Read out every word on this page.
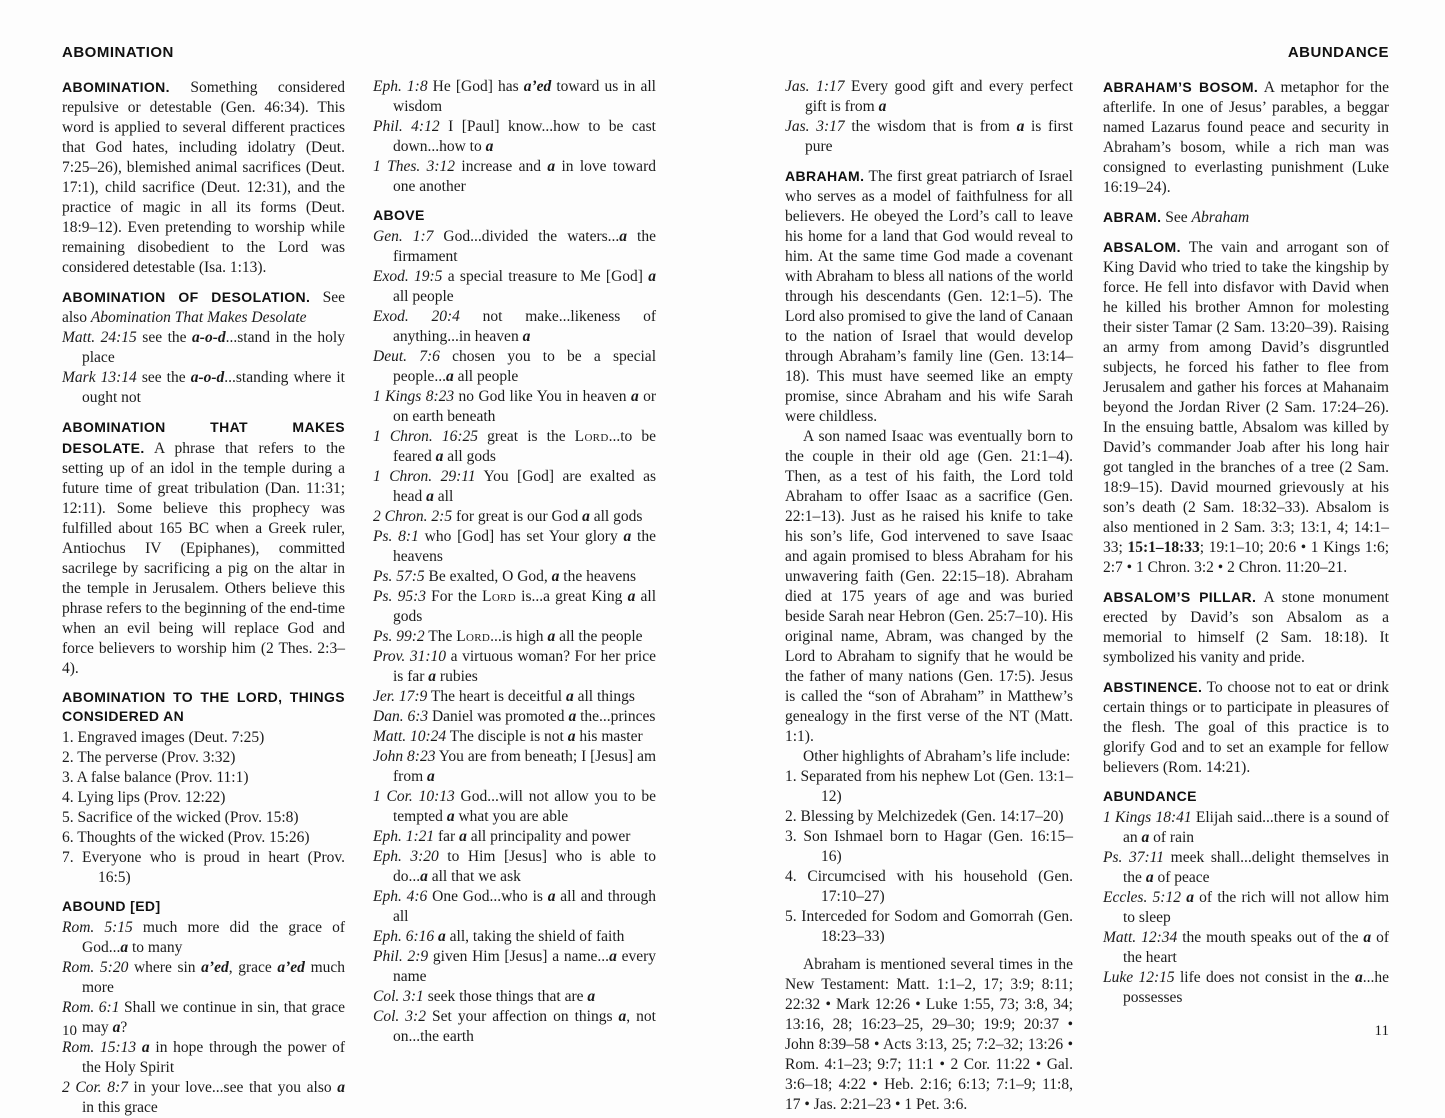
ABOMINATION

ABOMINATION. Something considered repulsive or detestable (Gen. 46:34). This word is applied to several different practices that God hates, including idolatry (Deut. 7:25–26), blemished animal sacrifices (Deut. 17:1), child sacrifice (Deut. 12:31), and the practice of magic in all its forms (Deut. 18:9–12). Even pretending to worship while remaining disobedient to the Lord was considered detestable (Isa. 1:13).

ABOMINATION OF DESOLATION. See also Abomination That Makes Desolate

Matt. 24:15 see the a-o-d...stand in the holy place

Mark 13:14 see the a-o-d...standing where it ought not

ABOMINATION THAT MAKES DESOLATE. A phrase that refers to the setting up of an idol in the temple during a future time of great tribulation (Dan. 11:31; 12:11). Some believe this prophecy was fulfilled about 165 BC when a Greek ruler, Antiochus IV (Epiphanes), committed sacrilege by sacrificing a pig on the altar in the temple in Jerusalem. Others believe this phrase refers to the beginning of the end-time when an evil being will replace God and force believers to worship him (2 Thes. 2:3–4).

ABOMINATION TO THE LORD, THINGS CONSIDERED AN

1. Engraved images (Deut. 7:25)

2. The perverse (Prov. 3:32)

3. A false balance (Prov. 11:1)

4. Lying lips (Prov. 12:22)

5. Sacrifice of the wicked (Prov. 15:8)

6. Thoughts of the wicked (Prov. 15:26)

7. Everyone who is proud in heart (Prov. 16:5)

ABOUND [ED]

Rom. 5:15 much more did the grace of God...a to many

Rom. 5:20 where sin a’ed, grace a’ed much more

Rom. 6:1 Shall we continue in sin, that grace may a?

Rom. 15:13 a in hope through the power of the Holy Spirit

2 Cor. 8:7 in your love...see that you also a in this grace

Eph. 1:8 He [God] has a’ed toward us in all wisdom

Phil. 4:12 I [Paul] know...how to be cast down...how to a

1 Thes. 3:12 increase and a in love toward one another

ABOVE

Gen. 1:7 God...divided the waters...a the firmament

Exod. 19:5 a special treasure to Me [God] a all people

Exod. 20:4 not make...likeness of anything...in heaven a

Deut. 7:6 chosen you to be a special people...a all people

1 Kings 8:23 no God like You in heaven a or on earth beneath

1 Chron. 16:25 great is the Lord...to be feared a all gods

1 Chron. 29:11 You [God] are exalted as head a all

2 Chron. 2:5 for great is our God a all gods

Ps. 8:1 who [God] has set Your glory a the heavens

Ps. 57:5 Be exalted, O God, a the heavens

Ps. 95:3 For the Lord is...a great King a all gods

Ps. 99:2 The Lord...is high a all the people

Prov. 31:10 a virtuous woman? For her price is far a rubies

Jer. 17:9 The heart is deceitful a all things

Dan. 6:3 Daniel was promoted a the...princes

Matt. 10:24 The disciple is not a his master

John 8:23 You are from beneath; I [Jesus] am from a

1 Cor. 10:13 God...will not allow you to be tempted a what you are able

Eph. 1:21 far a all principality and power

Eph. 3:20 to Him [Jesus] who is able to do...a all that we ask

Eph. 4:6 One God...who is a all and through all

Eph. 6:16 a all, taking the shield of faith

Phil. 2:9 given Him [Jesus] a name...a every name

Col. 3:1 seek those things that are a

Col. 3:2 Set your affection on things a, not on...the earth

ABUNDANCE

Jas. 1:17 Every good gift and every perfect gift is from a

Jas. 3:17 the wisdom that is from a is first pure

ABRAHAM. The first great patriarch of Israel who serves as a model of faithfulness for all believers. He obeyed the Lord’s call to leave his home for a land that God would reveal to him. At the same time God made a covenant with Abraham to bless all nations of the world through his descendants (Gen. 12:1–5). The Lord also promised to give the land of Canaan to the nation of Israel that would develop through Abraham’s family line (Gen. 13:14–18). This must have seemed like an empty promise, since Abraham and his wife Sarah were childless.

A son named Isaac was eventually born to the couple in their old age (Gen. 21:1–4). Then, as a test of his faith, the Lord told Abraham to offer Isaac as a sacrifice (Gen. 22:1–13). Just as he raised his knife to take his son’s life, God intervened to save Isaac and again promised to bless Abraham for his unwavering faith (Gen. 22:15–18). Abraham died at 175 years of age and was buried beside Sarah near Hebron (Gen. 25:7–10). His original name, Abram, was changed by the Lord to Abraham to signify that he would be the father of many nations (Gen. 17:5). Jesus is called the “son of Abraham” in Matthew’s genealogy in the first verse of the NT (Matt. 1:1).

Other highlights of Abraham’s life include:

1. Separated from his nephew Lot (Gen. 13:1–12)

2. Blessing by Melchizedek (Gen. 14:17–20)

3. Son Ishmael born to Hagar (Gen. 16:15–16)

4. Circumcised with his household (Gen. 17:10–27)

5. Interceded for Sodom and Gomorrah (Gen. 18:23–33)

Abraham is mentioned several times in the New Testament: Matt. 1:1–2, 17; 3:9; 8:11; 22:32 • Mark 12:26 • Luke 1:55, 73; 3:8, 34; 13:16, 28; 16:23–25, 29–30; 19:9; 20:37 • John 8:39–58 • Acts 3:13, 25; 7:2–32; 13:26 • Rom. 4:1–23; 9:7; 11:1 • 2 Cor. 11:22 • Gal. 3:6–18; 4:22 • Heb. 2:16; 6:13; 7:1–9; 11:8, 17 • Jas. 2:21–23 • 1 Pet. 3:6.

ABRAHAM’S BOSOM. A metaphor for the afterlife. In one of Jesus’ parables, a beggar named Lazarus found peace and security in Abraham’s bosom, while a rich man was consigned to everlasting punishment (Luke 16:19–24).

ABRAM. See Abraham

ABSALOM. The vain and arrogant son of King David who tried to take the kingship by force. He fell into disfavor with David when he killed his brother Amnon for molesting their sister Tamar (2 Sam. 13:20–39). Raising an army from among David’s disgruntled subjects, he forced his father to flee from Jerusalem and gather his forces at Mahanaim beyond the Jordan River (2 Sam. 17:24–26). In the ensuing battle, Absalom was killed by David’s commander Joab after his long hair got tangled in the branches of a tree (2 Sam. 18:9–15). David mourned grievously at his son’s death (2 Sam. 18:32–33). Absalom is also mentioned in 2 Sam. 3:3; 13:1, 4; 14:1–33; 15:1–18:33; 19:1–10; 20:6 • 1 Kings 1:6; 2:7 • 1 Chron. 3:2 • 2 Chron. 11:20–21.

ABSALOM’S PILLAR. A stone monument erected by David’s son Absalom as a memorial to himself (2 Sam. 18:18). It symbolized his vanity and pride.

ABSTINENCE. To choose not to eat or drink certain things or to participate in pleasures of the flesh. The goal of this practice is to glorify God and to set an example for fellow believers (Rom. 14:21).

ABUNDANCE

1 Kings 18:41 Elijah said...there is a sound of an a of rain

Ps. 37:11 meek shall...delight themselves in the a of peace

Eccles. 5:12 a of the rich will not allow him to sleep

Matt. 12:34 the mouth speaks out of the a of the heart

Luke 12:15 life does not consist in the a...he possesses

10	11
